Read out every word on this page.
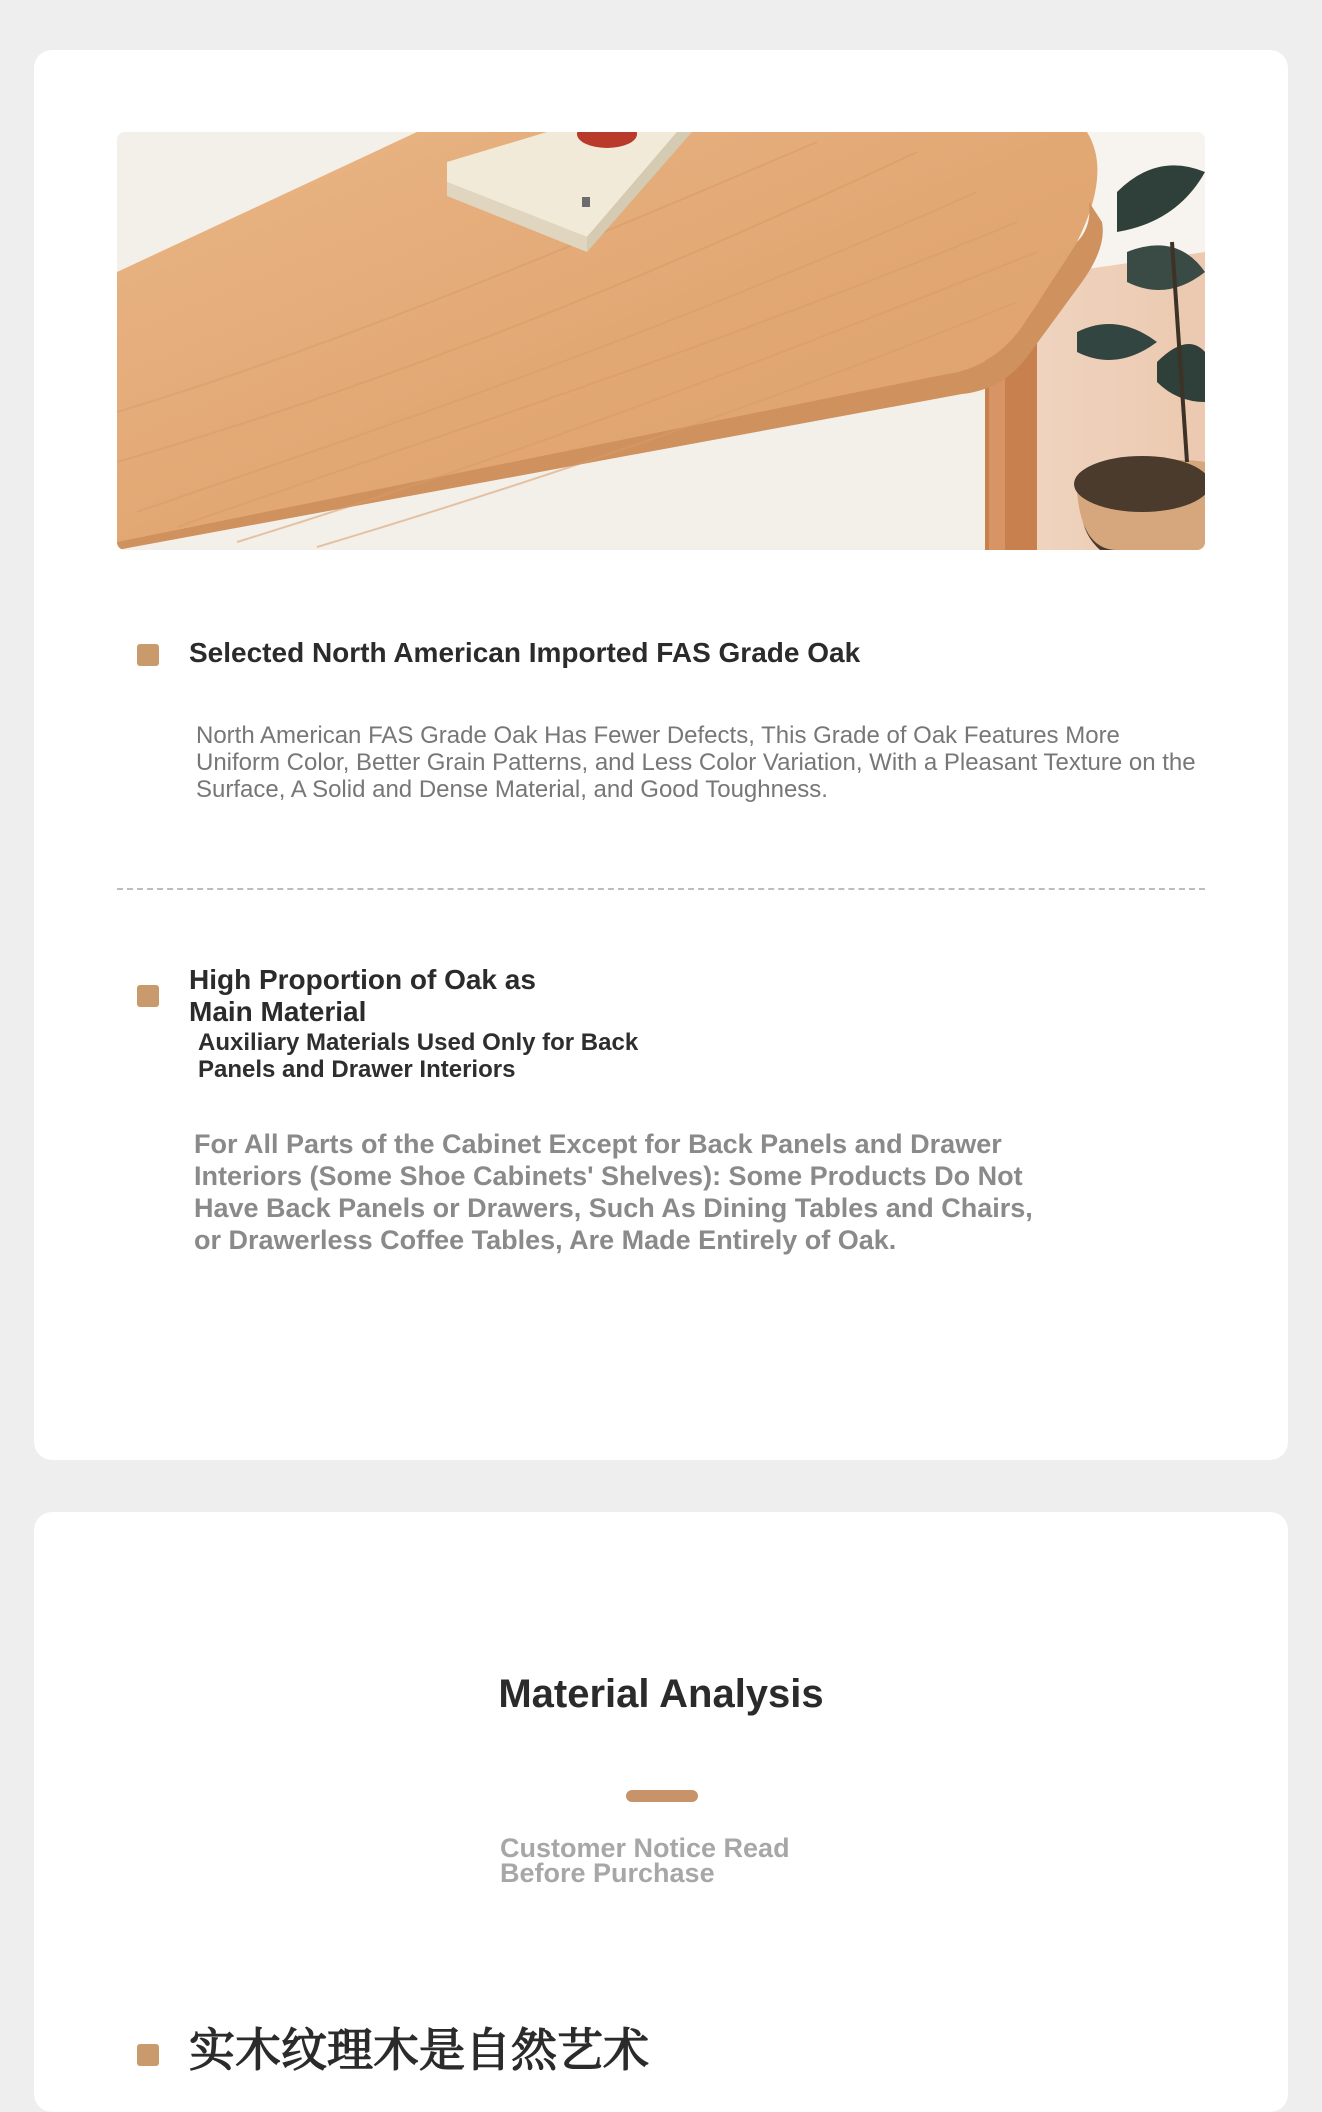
Selected North American Imported FAS Grade Oak
North American FAS Grade Oak Has Fewer Defects, This Grade of Oak Features More Uniform Color, Better Grain Patterns, and Less Color Variation, With a Pleasant Texture on the Surface, A Solid and Dense Material, and Good Toughness.
High Proportion of Oak as Main Material
Auxiliary Materials Used Only for Back Panels and Drawer Interiors
For All Parts of the Cabinet Except for Back Panels and Drawer Interiors (Some Shoe Cabinets' Shelves): Some Products Do Not Have Back Panels or Drawers, Such As Dining Tables and Chairs, or Drawerless Coffee Tables, Are Made Entirely of Oak.
Material Analysis
Customer Notice Read Before Purchase
实木纹理木是自然艺术
